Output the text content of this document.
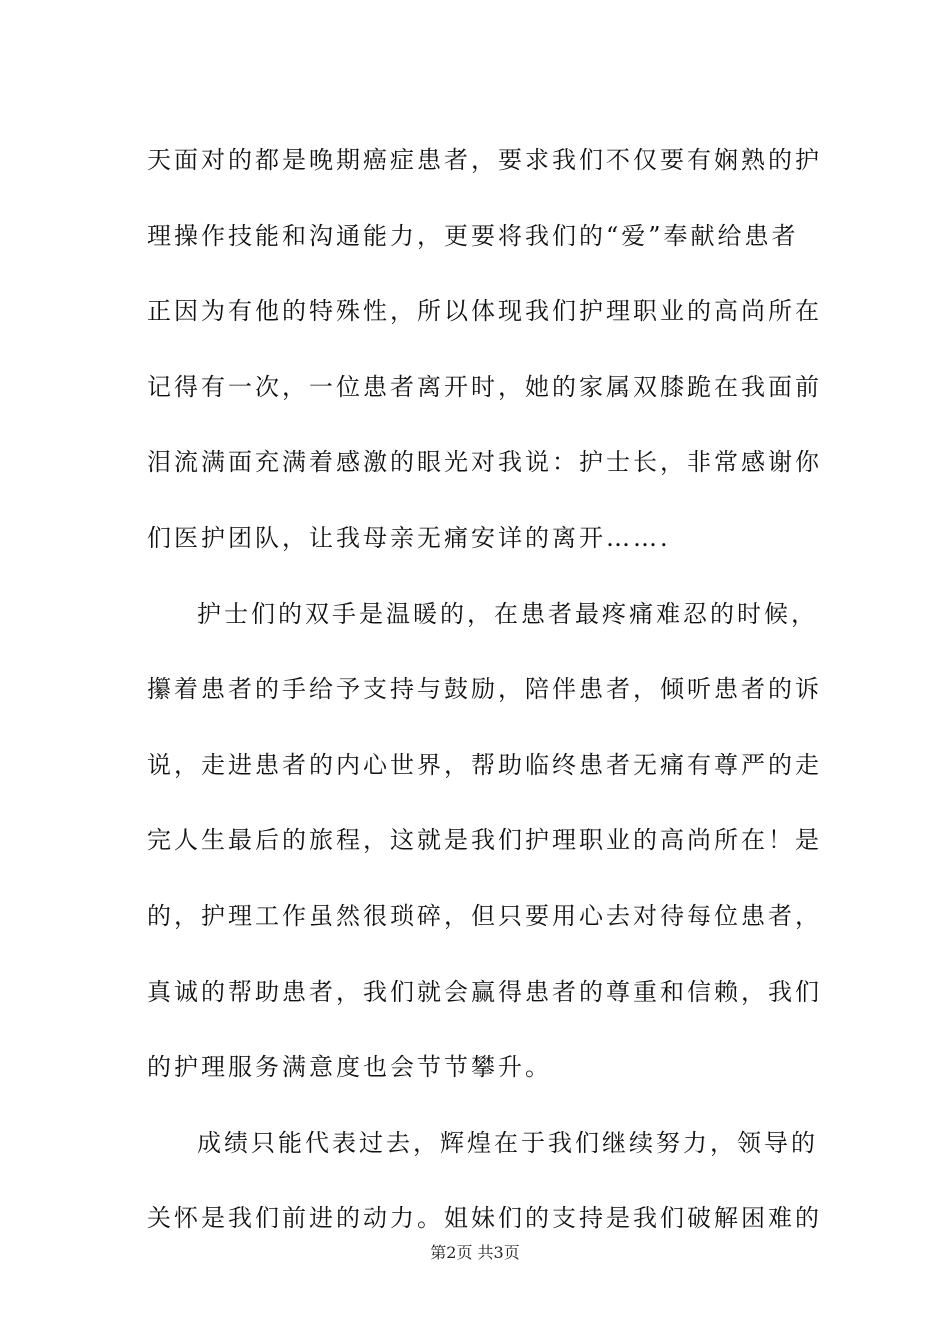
天面对的都是晚期癌症患者，要求我们不仅要有娴熟的护
理操作技能和沟通能力，更要将我们的“爱”奉献给患者
正因为有他的特殊性，所以体现我们护理职业的高尚所在
记得有一次，一位患者离开时，她的家属双膝跪在我面前
泪流满面充满着感激的眼光对我说：护士长，非常感谢你
们医护团队，让我母亲无痛安详的离开…….
护士们的双手是温暖的，在患者最疼痛难忍的时候，
攥着患者的手给予支持与鼓励，陪伴患者，倾听患者的诉
说，走进患者的内心世界，帮助临终患者无痛有尊严的走
完人生最后的旅程，这就是我们护理职业的高尚所在！是
的，护理工作虽然很琐碎，但只要用心去对待每位患者，
真诚的帮助患者，我们就会赢得患者的尊重和信赖，我们
的护理服务满意度也会节节攀升。
成绩只能代表过去，辉煌在于我们继续努力，领导的
关怀是我们前进的动力。姐妹们的支持是我们破解困难的
第2页 共3页
